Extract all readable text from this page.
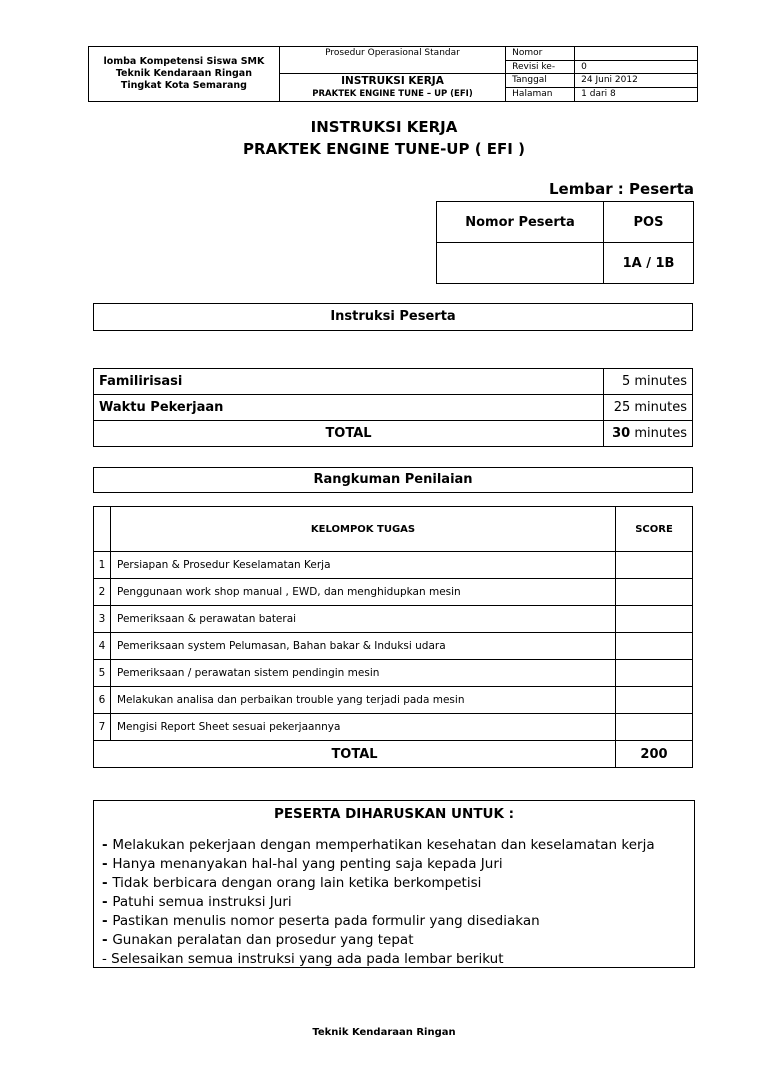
lomba Kompetensi Siswa SMK
Teknik Kendaraan Ringan
Tingkat Kota Semarang	Prosedur Operasional Standar	Nomor	
		Revisi ke-	0

	INSTRUKSI KERJA
PRAKTEK ENGINE TUNE – UP (EFI)	Tanggal	24 Juni 2012
		Halaman	1 dari 8
INSTRUKSI KERJA
PRAKTEK ENGINE TUNE-UP ( EFI )
Lembar : Peserta
Nomor Peserta	POS
	1A / 1B
Instruksi Peserta
Familirisasi	5 minutes
Waktu Pekerjaan	25 minutes
TOTAL	30 minutes
Rangkuman Penilaian
	KELOMPOK TUGAS	SCORE
1	Persiapan & Prosedur Keselamatan Kerja	
2	Penggunaan work shop manual , EWD, dan menghidupkan mesin	
3	Pemeriksaan & perawatan baterai	
4	Pemeriksaan system Pelumasan, Bahan bakar & Induksi udara	
5	Pemeriksaan / perawatan sistem pendingin mesin	
6	Melakukan analisa dan perbaikan trouble yang terjadi pada mesin	
7	Mengisi Report Sheet sesuai pekerjaannya	
TOTAL		200
PESERTA DIHARUSKAN UNTUK :
- Melakukan pekerjaan dengan memperhatikan kesehatan dan keselamatan kerja
- Hanya menanyakan hal-hal yang penting saja kepada Juri
- Tidak berbicara dengan orang lain ketika berkompetisi
- Patuhi semua instruksi Juri
- Pastikan menulis nomor peserta pada formulir yang disediakan
- Gunakan peralatan dan prosedur yang tepat
- Selesaikan semua instruksi yang ada pada lembar berikut
Teknik Kendaraan Ringan
